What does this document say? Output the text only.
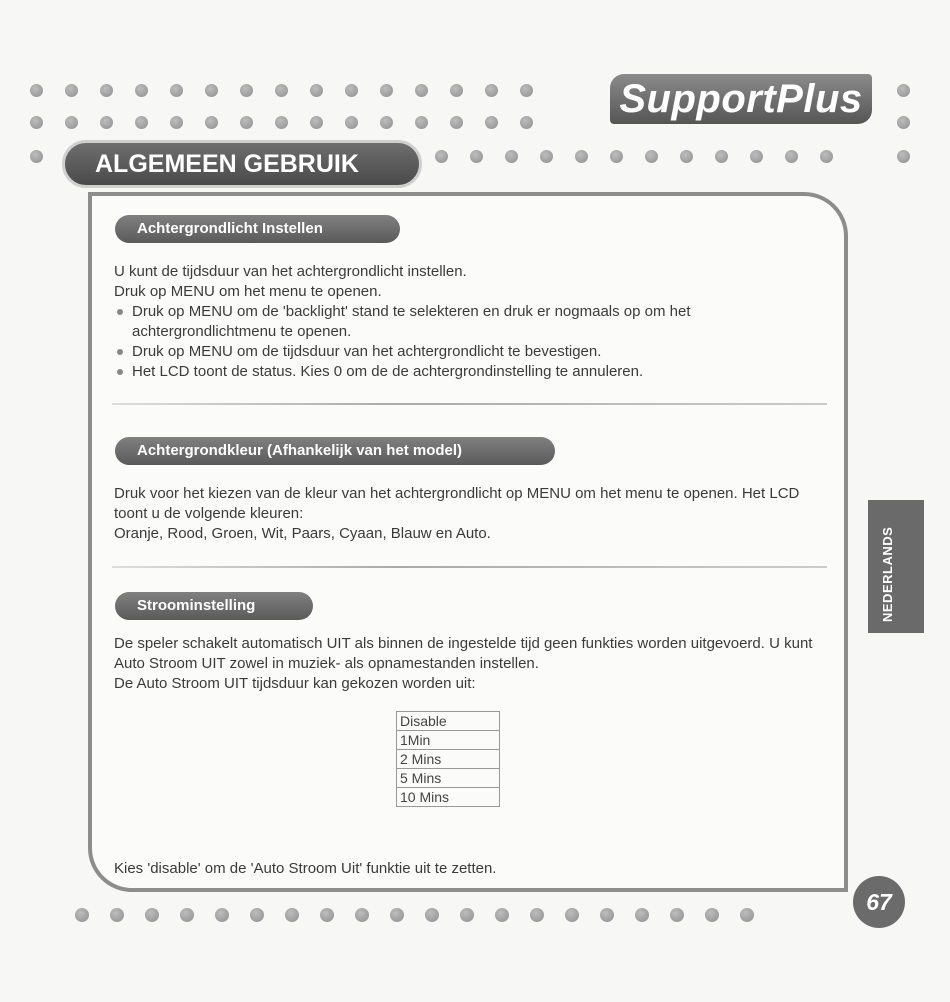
SupportPlus
ALGEMEEN GEBRUIK
Achtergrondlicht Instellen

U kunt de tijdsduur van het achtergrondlicht instellen.

Druk op MENU om het menu te openen.

Druk op MENU om de 'backlight' stand te selekteren en druk er nogmaals op om het achtergrondlichtmenu te openen.
Druk op MENU om de tijdsduur van het achtergrondlicht te bevestigen.
Het LCD toont de status. Kies 0 om de de achtergrondinstelling te annuleren.
Achtergrondkleur (Afhankelijk van het model)

Druk voor het kiezen van de kleur van het achtergrondlicht op MENU om het menu te openen. Het LCD toont u de volgende kleuren:

Oranje, Rood, Groen, Wit, Paars, Cyaan, Blauw en Auto.

Stroominstelling

De speler schakelt automatisch UIT als binnen de ingestelde tijd geen funkties worden uitgevoerd. U kunt Auto Stroom UIT zowel in muziek- als opnamestanden instellen.

De Auto Stroom UIT tijdsduur kan gekozen worden uit:

Disable
1Min
2 Mins
5 Mins
10 Mins
Kies 'disable' om de 'Auto Stroom Uit' funktie uit te zetten.
NEDERLANDS
67
